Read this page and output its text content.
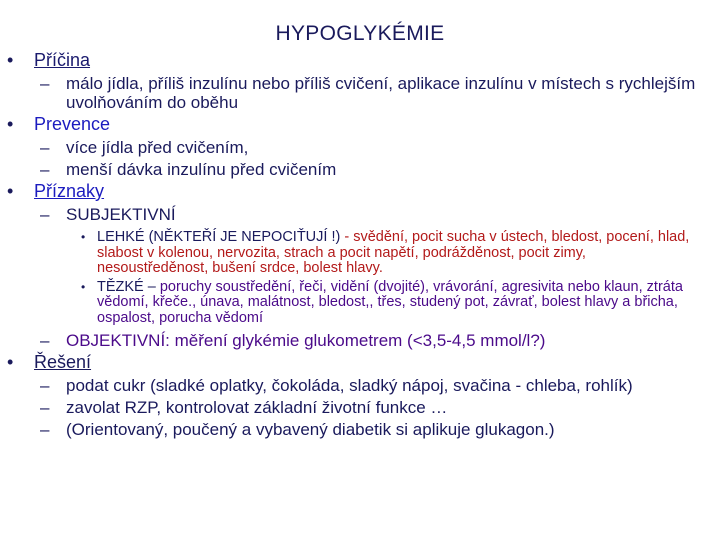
HYPOGLYKÉMIE
• Příčina
– málo jídla, příliš inzulínu nebo příliš cvičení, aplikace inzulínu v místech s rychlejším uvolňováním do oběhu
• Prevence
– více jídla před cvičením,
– menší dávka inzulínu před cvičením
• Příznaky
– SUBJEKTIVNÍ
• LEHKÉ (NĚKTEŘÍ JE NEPOCIŤUJÍ !) - svědění, pocit sucha v ústech, bledost, pocení, hlad, slabost v kolenou, nervozita, strach a pocit napětí, podrážděnost, pocit zimy, nesoustředěnost, bušení srdce, bolest hlavy.
• TĚZKÉ – poruchy soustředění, řeči, vidění (dvojité), vrávorání, agresivita nebo klaun, ztráta vědomí, křeče., únava, malátnost, bledost,, třes, studený pot, závrať, bolest hlavy a břicha, ospalost, porucha vědomí
– OBJEKTIVNÍ: měření glykémie glukometrem (<3,5-4,5 mmol/l?)
• Řešení
– podat cukr (sladké oplatky, čokoláda, sladký nápoj, svačina - chleba, rohlík)
– zavolat RZP, kontrolovat základní životní funkce …
– (Orientovaný, poučený a vybavený diabetik si aplikuje glukagon.)
